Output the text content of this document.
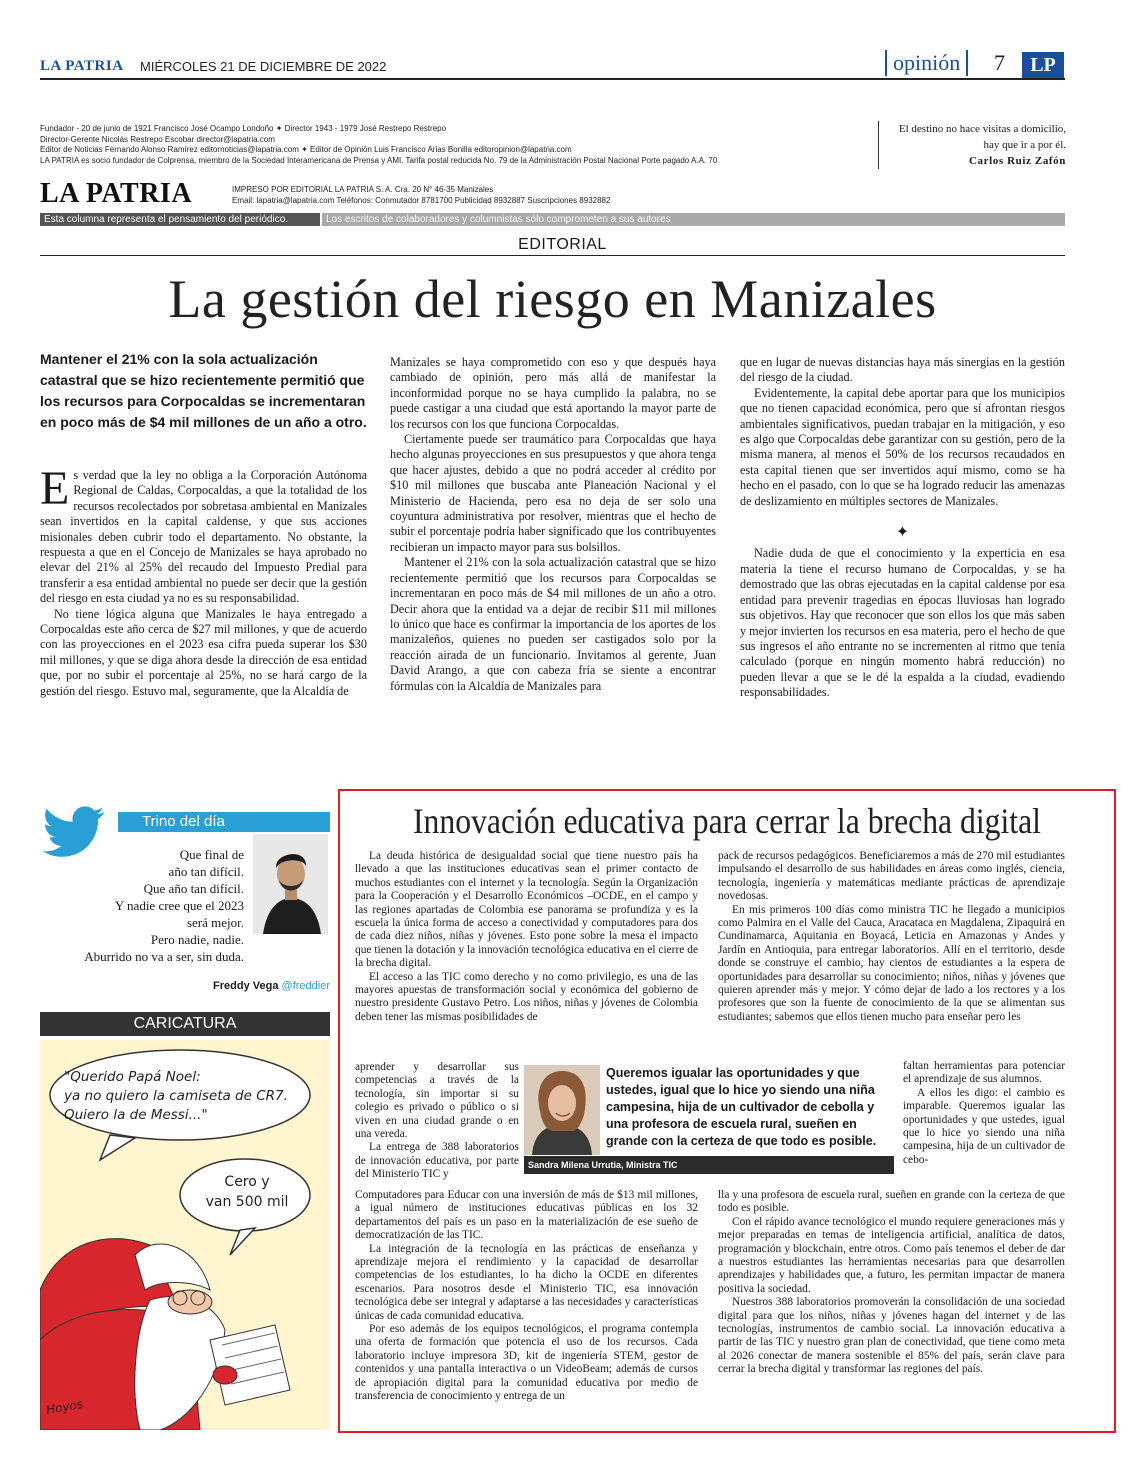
LA PATRIA MIÉRCOLES 21 DE DICIEMBRE DE 2022	opinión	7	LP
Fundador - 20 de junio de 1921 Francisco José Ocampo Londoño ✦ Director 1943 - 1979 José Restrepo Restrepo
Director-Gerente Nicolás Restrepo Escobar director@lapatria.com
Editor de Noticias Fernando Alonso Ramírez editornoticias@lapatria.com ✦ Editor de Opinión Luis Francisco Arias Bonilla editoropinion@lapatria.com
LA PATRIA es socio fundador de Colprensa, miembro de la Sociedad Interamericana de Prensa y AMI. Tarifa postal reducida No. 79 de la Administración Postal Nacional Porte pagado A.A. 70
El destino no hace visitas a domicilio,
hay que ir a por él.
Carlos Ruiz Zafón
LA PATRIA	IMPRESO POR EDITORIAL LA PATRIA S. A. Cra. 20 N° 46-35 Manizales
Email: lapatria@lapatria.com Teléfonos: Conmutador 8781700 Publicidad 8932887 Suscripciones 8932882
Esta columna representa el pensamiento del periódico.	Los escritos de colaboradores y columnistas sólo comprometen a sus autores
EDITORIAL
La gestión del riesgo en Manizales
Mantener el 21% con la sola actualización catastral que se hizo recientemente permitió que los recursos para Corpocaldas se incrementaran en poco más de $4 mil millones de un año a otro.

Es verdad que la ley no obliga a la Corporación Autónoma Regional de Caldas, Corpocaldas, a que la totalidad de los recursos recolectados por sobretasa ambiental en Manizales sean invertidos en la capital caldense, y que sus acciones misionales deben cubrir todo el departamento. No obstante, la respuesta a que en el Concejo de Manizales se haya aprobado no elevar del 21% al 25% del recaudo del Impuesto Predial para transferir a esa entidad ambiental no puede ser decir que la gestión del riesgo en esta ciudad ya no es su responsabilidad.

No tiene lógica alguna que Manizales le haya entregado a Corpocaldas este año cerca de $27 mil millones, y que de acuerdo con las proyecciones en el 2023 esa cifra pueda superar los $30 mil millones, y que se diga ahora desde la dirección de esa entidad que, por no subir el porcentaje al 25%, no se hará cargo de la gestión del riesgo. Estuvo mal, seguramente, que la Alcaldía de

Manizales se haya comprometido con eso y que después haya cambiado de opinión, pero más allá de manifestar la inconformidad porque no se haya cumplido la palabra, no se puede castigar a una ciudad que está aportando la mayor parte de los recursos con los que funciona Corpocaldas.

Ciertamente puede ser traumático para Corpocaldas que haya hecho algunas proyecciones en sus presupuestos y que ahora tenga que hacer ajustes, debido a que no podrá acceder al crédito por $10 mil millones que buscaba ante Planeación Nacional y el Ministerio de Hacienda, pero esa no deja de ser solo una coyuntura administrativa por resolver, mientras que el hecho de subir el porcentaje podría haber significado que los contribuyentes recibieran un impacto mayor para sus bolsillos.

Mantener el 21% con la sola actualización catastral que se hizo recientemente permitió que los recursos para Corpocaldas se incrementaran en poco más de $4 mil millones de un año a otro. Decir ahora que la entidad va a dejar de recibir $11 mil millones lo único que hace es confirmar la importancia de los aportes de los manizaleños, quienes no pueden ser castigados solo por la reacción airada de un funcionario. Invitamos al gerente, Juan David Arango, a que con cabeza fría se siente a encontrar fórmulas con la Alcaldía de Manizales para

que en lugar de nuevas distancias haya más sinergias en la gestión del riesgo de la ciudad.

Evidentemente, la capital debe aportar para que los municipios que no tienen capacidad económica, pero que sí afrontan riesgos ambientales significativos, puedan trabajar en la mitigación, y eso es algo que Corpocaldas debe garantizar con su gestión, pero de la misma manera, al menos el 50% de los recursos recaudados en esta capital tienen que ser invertidos aquí mismo, como se ha hecho en el pasado, con lo que se ha logrado reducir las amenazas de deslizamiento en múltiples sectores de Manizales.

✦

Nadie duda de que el conocimiento y la experticia en esa materia la tiene el recurso humano de Corpocaldas, y se ha demostrado que las obras ejecutadas en la capital caldense por esa entidad para prevenir tragedias en épocas lluviosas han logrado sus objetivos. Hay que reconocer que son ellos los que más saben y mejor invierten los recursos en esa materia, pero el hecho de que sus ingresos el año entrante no se incrementen al ritmo que tenía calculado (porque en ningún momento habrá reducción) no pueden llevar a que se le dé la espalda a la ciudad, evadiendo responsabilidades.

Trino del día
Que final de
año tan difícil.
Que año tan difícil.
Y nadie cree que el 2023
será mejor.
Pero nadie, nadie.
Aburrido no va a ser, sin duda.
Freddy Vega @freddier
CARICATURA
"Querido Papá Noel:
ya no quiero la camiseta de CR7.
Quiero la de Messi..."
Cero y
van 500 mil
Hoyos
Innovación educativa para cerrar la brecha digital

La deuda histórica de desigualdad social que tiene nuestro país ha llevado a que las instituciones educativas sean el primer contacto de muchos estudiantes con el internet y la tecnología. Según la Organización para la Cooperación y el Desarrollo Económicos –OCDE, en el campo y las regiones apartadas de Colombia ese panorama se profundiza y es la escuela la única forma de acceso a conectividad y computadores para dos de cada diez niños, niñas y jóvenes. Esto pone sobre la mesa el impacto que tienen la dotación y la innovación tecnológica educativa en el cierre de la brecha digital.

El acceso a las TIC como derecho y no como privilegio, es una de las mayores apuestas de transformación social y económica del gobierno de nuestro presidente Gustavo Petro. Los niños, niñas y jóvenes de Colombia deben tener las mismas posibilidades de

aprender y desarrollar sus competencias a través de la tecnología, sin importar si su colegio es privado o público o si viven en una ciudad grande o en una vereda.

La entrega de 388 laboratorios de innovación educativa, por parte del Ministerio TIC y

Computadores para Educar con una inversión de más de $13 mil millones, a igual número de instituciones educativas públicas en los 32 departamentos del país es un paso en la materialización de ese sueño de democratización de las TIC.

La integración de la tecnología en las prácticas de enseñanza y aprendizaje mejora el rendimiento y la capacidad de desarrollar competencias de los estudiantes, lo ha dicho la OCDE en diferentes escenarios. Para nosotros desde el Ministerio TIC, esa innovación tecnológica debe ser integral y adaptarse a las necesidades y características únicas de cada comunidad educativa.

Por eso además de los equipos tecnológicos, el programa contempla una oferta de formación que potencia el uso de los recursos. Cada laboratorio incluye impresora 3D, kit de ingeniería STEM, gestor de contenidos y una pantalla interactiva o un VideoBeam; además de cursos de apropiación digital para la comunidad educativa por medio de transferencia de conocimiento y entrega de un

pack de recursos pedagógicos. Beneficiaremos a más de 270 mil estudiantes impulsando el desarrollo de sus habilidades en áreas como inglés, ciencia, tecnología, ingeniería y matemáticas mediante prácticas de aprendizaje novedosas.

En mis primeros 100 días como ministra TIC he llegado a municipios como Palmira en el Valle del Cauca, Aracataca en Magdalena, Zipaquirá en Cundinamarca, Aquitania en Boyacá, Leticia en Amazonas y Andes y Jardín en Antioquia, para entregar laboratorios. Allí en el territorio, desde donde se construye el cambio, hay cientos de estudiantes a la espera de oportunidades para desarrollar su conocimiento; niños, niñas y jóvenes que quieren aprender más y mejor. Y cómo dejar de lado a los rectores y a los profesores que son la fuente de conocimiento de la que se alimentan sus estudiantes; sabemos que ellos tienen mucho para enseñar pero les

faltan herramientas para potenciar el aprendizaje de sus alumnos.

A ellos les digo: el cambio es imparable. Queremos igualar las oportunidades y que ustedes, igual que lo hice yo siendo una niña campesina, hija de un cultivador de cebo-

lla y una profesora de escuela rural, sueñen en grande con la certeza de que todo es posible.

Con el rápido avance tecnológico el mundo requiere generaciones más y mejor preparadas en temas de inteligencia artificial, analítica de datos, programación y blockchain, entre otros. Como país tenemos el deber de dar a nuestros estudiantes las herramientas necesarias para que desarrollen aprendizajes y habilidades que, a futuro, les permitan impactar de manera positiva la sociedad.

Nuestros 388 laboratorios promoverán la consolidación de una sociedad digital para que los niños, niñas y jóvenes hagan del internet y de las tecnologías, instrumentos de cambio social. La innovación educativa a partir de las TIC y nuestro gran plan de conectividad, que tiene como meta al 2026 conectar de manera sostenible el 85% del país, serán clave para cerrar la brecha digital y transformar las regiones del país.

Queremos igualar las oportunidades y que ustedes, igual que lo hice yo siendo una niña campesina, hija de un cultivador de cebolla y una profesora de escuela rural, sueñen en grande con la certeza de que todo es posible.
Sandra Milena Urrutia, Ministra TIC
